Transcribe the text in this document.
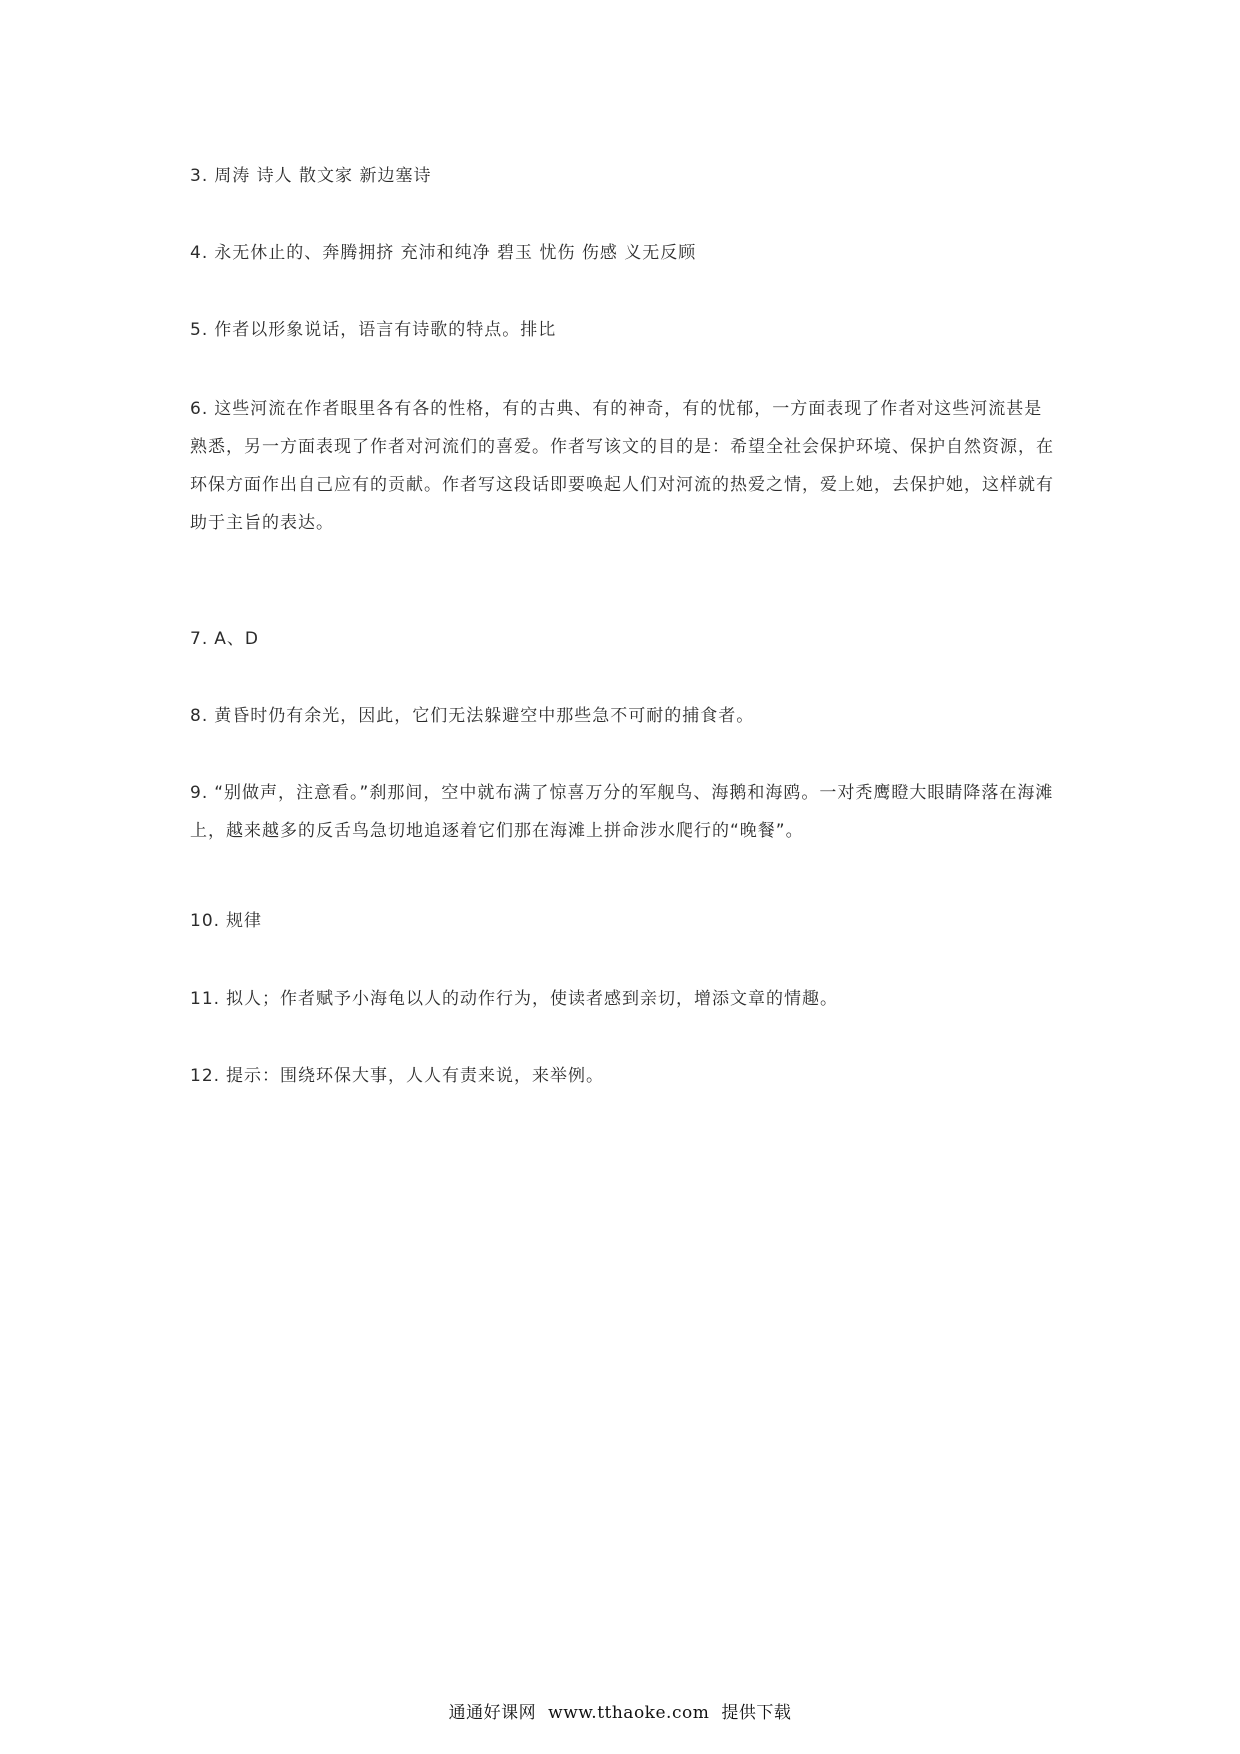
3. 周涛 诗人 散文家 新边塞诗

4. 永无休止的、奔腾拥挤 充沛和纯净 碧玉 忧伤 伤感 义无反顾

5. 作者以形象说话，语言有诗歌的特点。排比

6. 这些河流在作者眼里各有各的性格，有的古典、有的神奇，有的忧郁，一方面表现了作者对这些河流甚是熟悉，另一方面表现了作者对河流们的喜爱。作者写该文的目的是：希望全社会保护环境、保护自然资源，在环保方面作出自己应有的贡献。作者写这段话即要唤起人们对河流的热爱之情，爱上她，去保护她，这样就有助于主旨的表达。

7. A、D

8. 黄昏时仍有余光，因此，它们无法躲避空中那些急不可耐的捕食者。

9. “别做声，注意看。”刹那间，空中就布满了惊喜万分的军舰鸟、海鹅和海鸥。一对秃鹰瞪大眼睛降落在海滩上，越来越多的反舌鸟急切地追逐着它们那在海滩上拼命涉水爬行的“晚餐”。

10. 规律

11. 拟人；作者赋予小海龟以人的动作行为，使读者感到亲切，增添文章的情趣。

12. 提示：围绕环保大事，人人有责来说，来举例。

通通好课网 www.tthaoke.com 提供下载
